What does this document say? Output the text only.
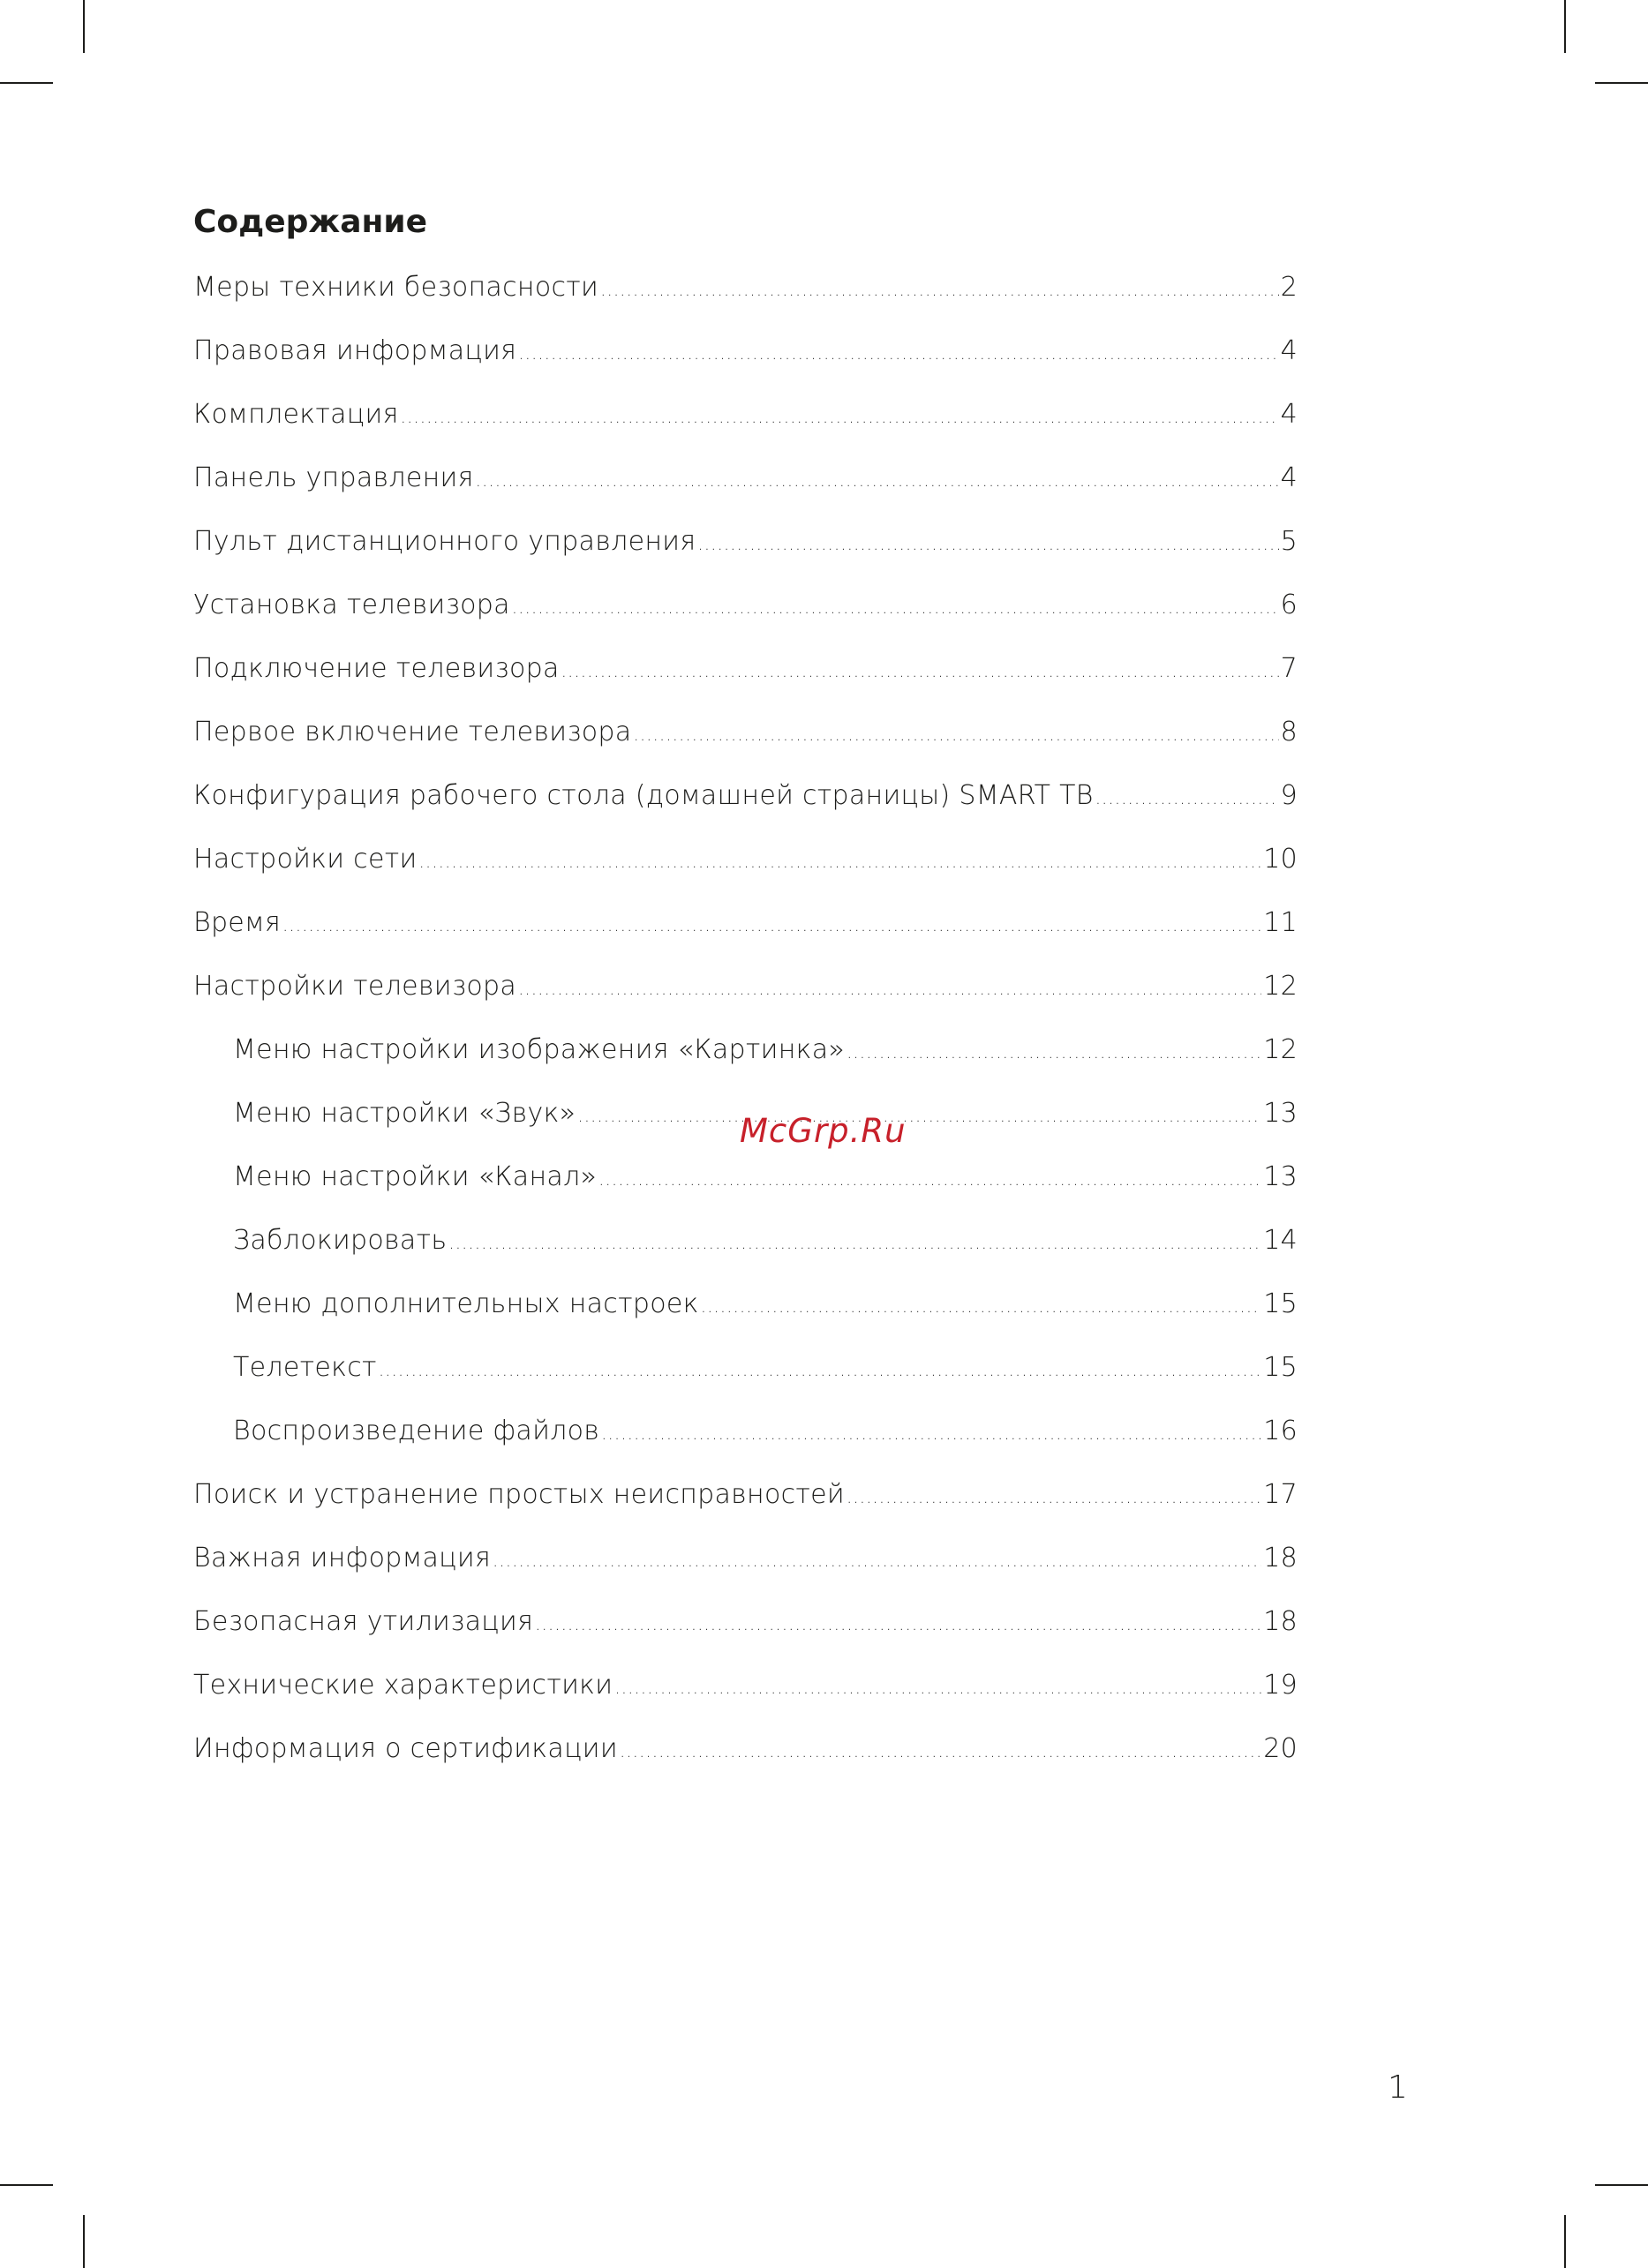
Содержание
Меры техники безопасности .....	2
Правовая информация .....	4
Комплектация .....	4
Панель управления .....	4
Пульт дистанционного управления .....	5
Установка телевизора .....	6
Подключение телевизора .....	7
Первое включение телевизора .....	8
Конфигурация рабочего стола (домашней страницы) SMART ТВ .....	9
Настройки сети .....	10
Время .....	11
Настройки телевизора .....	12
Меню настройки изображения «Картинка» .....	12
Меню настройки «Звук» .....	13
Меню настройки «Канал» .....	13
Заблокировать .....	14
Меню дополнительных настроек .....	15
Телетекст .....	15
Воспроизведение файлов .....	16
Поиск и устранение простых неисправностей .....	17
Важная информация .....	18
Безопасная утилизация .....	18
Технические характеристики .....	19
Информация о сертификации .....	20
McGrp.Ru
1
